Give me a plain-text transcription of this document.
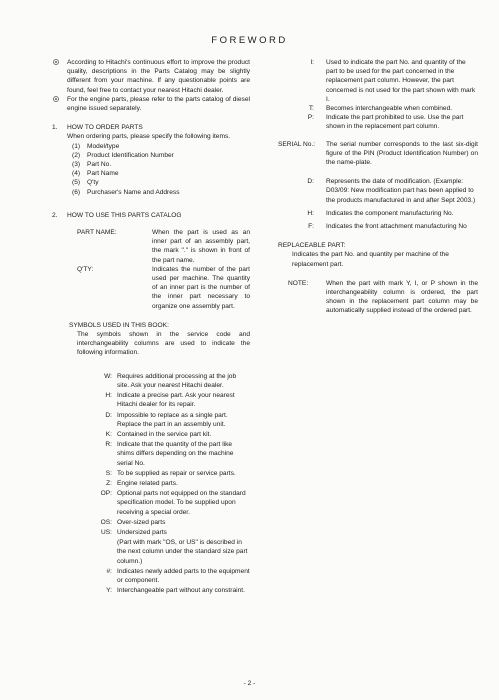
FOREWORD
According to Hitachi's continuous effort to improve the product quality, descriptions in the Parts Catalog may be slightly different from your machine. If any questionable points are found, feel free to contact your nearest Hitachi dealer.
For the engine parts, please refer to the parts catalog of diesel engine issued separately.
1. HOW TO ORDER PARTS
When ordering parts, please specify the following items.
(1) Model/type
(2) Product Identification Number
(3) Part No.
(4) Part Name
(5) Q'ty
(6) Purchaser's Name and Address
2. HOW TO USE THIS PARTS CATALOG
PART NAME:	When the part is used as an inner part of an assembly part, the mark "." is shown in front of the part name.
Q'TY:	Indicates the number of the part used per machine. The quantity of an inner part is the number of the inner part necessary to organize one assembly part.
SYMBOLS USED IN THIS BOOK:
The symbols shown in the service code and interchangeability columns are used to indicate the following information.
W: Requires additional processing at the job site. Ask your nearest Hitachi dealer.
H: Indicate a precise part. Ask your nearest Hitachi dealer for its repair.
D: Impossible to replace as a single part. Replace the part in an assembly unit.
K: Contained in the service part kit.
R: Indicate that the quantity of the part like shims differs depending on the machine serial No.
S: To be supplied as repair or service parts.
Z: Engine related parts.
OP: Optional parts not equipped on the standard specification model. To be supplied upon receiving a special order.
OS: Over-sized parts
US: Undersized parts
(Part with mark "OS, or US" is described in the next column under the standard size part column.)
#: Indicates newly added parts to the equipment or component.
Y: Interchangeable part without any constraint.
I: Used to indicate the part No. and quantity of the part to be used for the part concerned in the replacement part column. However, the part concerned is not used for the part shown with mark I.
T: Becomes interchangeable when combined.
P: Indicate the part prohibited to use. Use the part shown in the replacement part column.
SERIAL No.:	The serial number corresponds to the last six-digit figure of the PIN (Product Identification Number) on the name-plate.
D: Represents the date of modification. (Example: D03/09: New modification part has been applied to the products manufactured in and after Sept 2003.)
H: Indicates the component manufacturing No.
F: Indicates the front attachment manufacturing No
REPLACEABLE PART:
Indicates the part No. and quantity per machine of the replacement part.
NOTE:	When the part with mark Y, I, or P shown in the interchangeability column is ordered, the part shown in the replacement part column may be automatically supplied instead of the ordered part.
- 2 -
